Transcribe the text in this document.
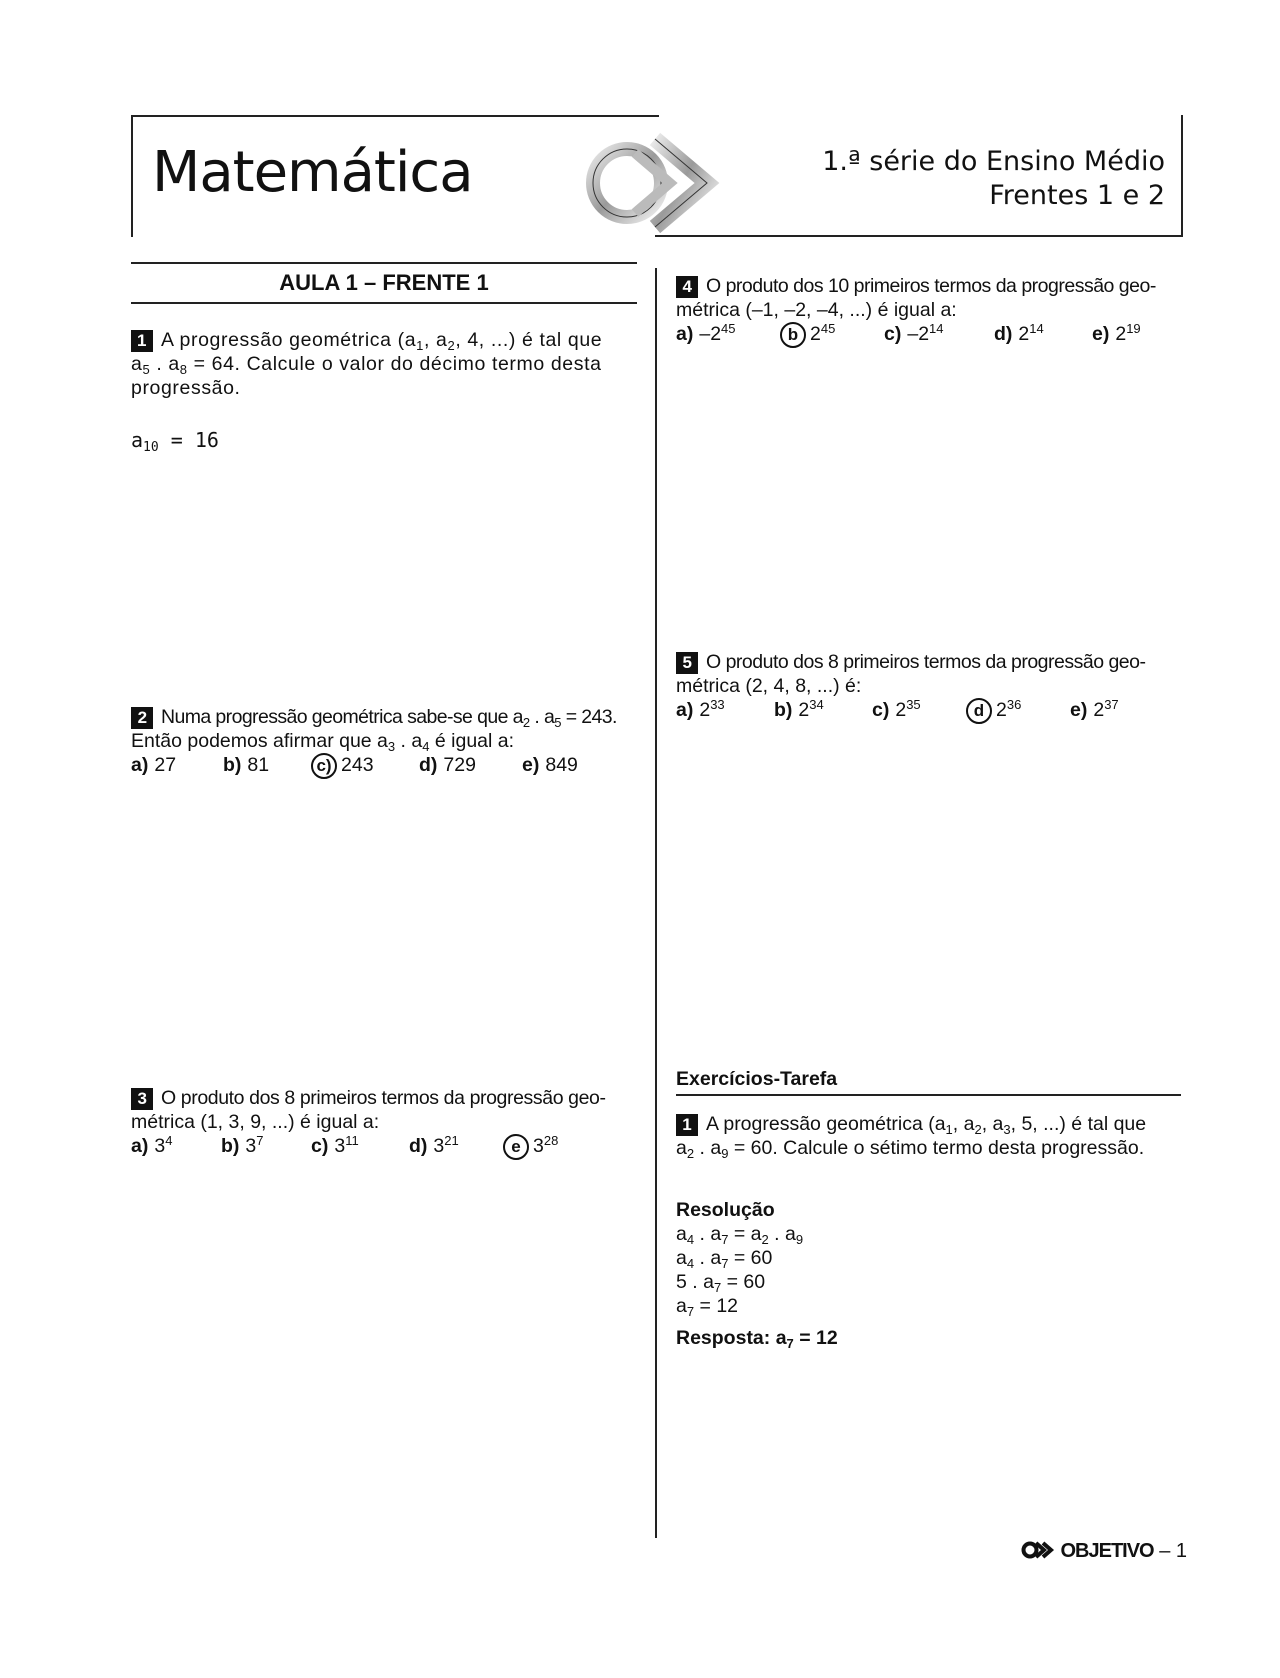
Matemática	1.ª série do Ensino Médio
Frentes 1 e 2
AULA 1 – FRENTE 1
1 A progressão geométrica ($a_1$, $a_2$, 4, ...) é tal que
$a_5$ . $a_8 = 64$. Calcule o valor do décimo termo desta
progressão.
$a_{10} = 16$
2 Numa progressão geométrica sabe-se que $a_2$ . $a_5 = 243$.
Então podemos afirmar que $a_3$ . $a_4$ é igual a:
a) 27	b) 81	c) 243	d) 729	e) 849
3 O produto dos 8 primeiros termos da progressão geo-
métrica (1, 3, 9, ...) é igual a:
a) $3^4$	b) $3^7$	c) $3^{11}$	d) $3^{21}$	e $3^{28}$
4 O produto dos 10 primeiros termos da progressão geo-
métrica (–1, –2, –4, ...) é igual a:
a) $-2^{45}$	b $2^{45}$	c) $-2^{14}$	d) $2^{14}$	e) $2^{19}$
5 O produto dos 8 primeiros termos da progressão geo-
métrica (2, 4, 8, ...) é:
a) $2^{33}$	b) $2^{34}$	c) $2^{35}$	d $2^{36}$	e) $2^{37}$
Exercícios-Tarefa
1 A progressão geométrica ($a_1$, $a_2$, $a_3$, 5, ...) é tal que
$a_2$ . $a_9 = 60$. Calcule o sétimo termo desta progressão.
Resolução
$a_4$ . $a_7 = a_2$ . $a_9$
$a_4$ . $a_7 = 60$
5 . $a_7 = 60$
$a_7 = 12$
Resposta: $a_7 = 12$
OBJETIVO – 1
